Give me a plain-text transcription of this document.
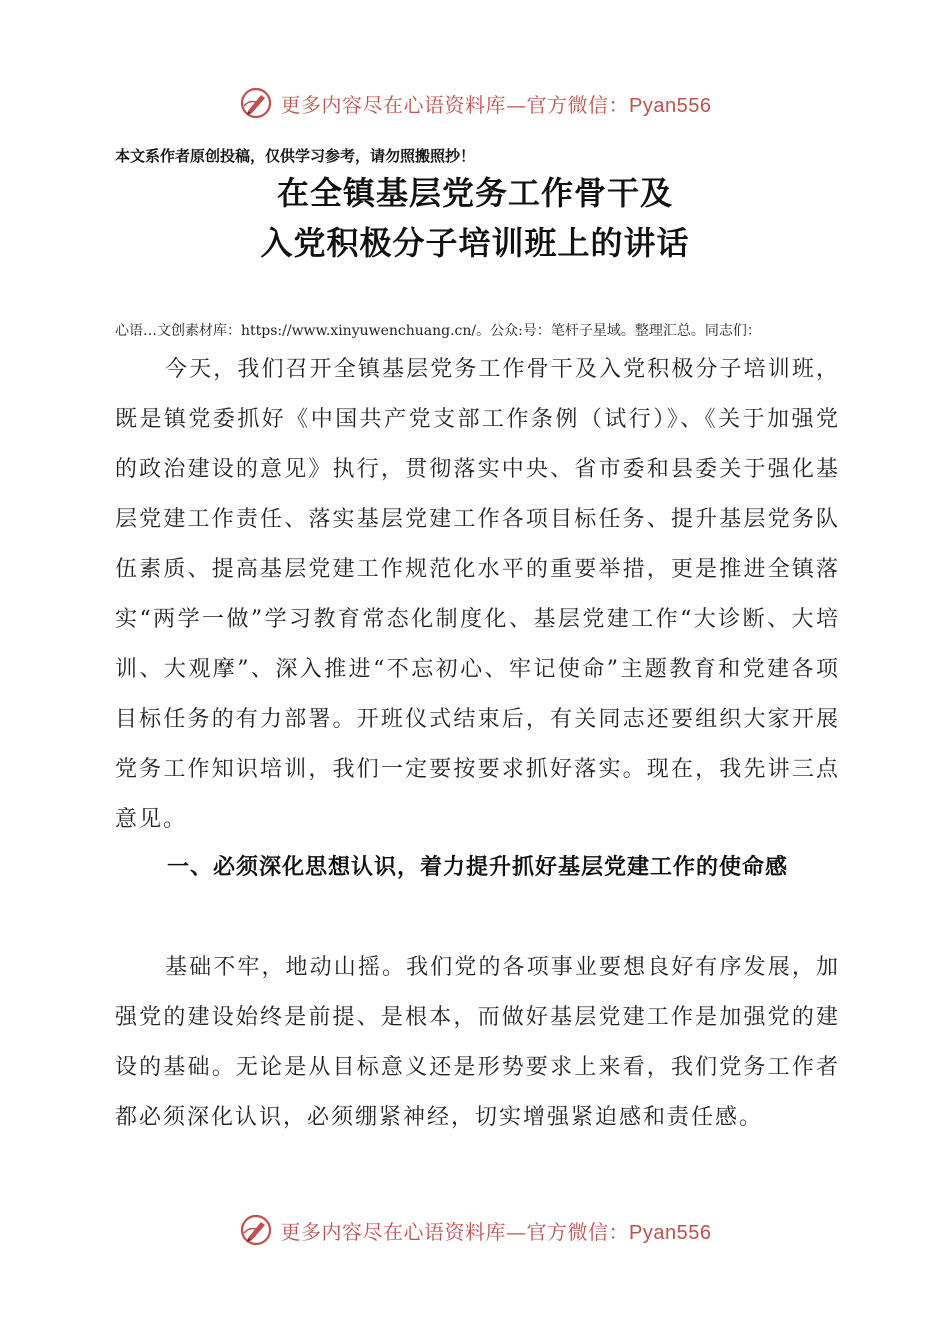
更多内容尽在心语资料库—官方微信：Pyan556
本文系作者原创投稿，仅供学习参考，请勿照搬照抄！
在全镇基层党务工作骨干及
入党积极分子培训班上的讲话
心语…文创素材库：https://www.xinyuwenchuang.cn/。公众:号：笔杆子星域。整理汇总。同志们：
今天，我们召开全镇基层党务工作骨干及入党积极分子培训班，既是镇党委抓好《中国共产党支部工作条例（试行）》、《关于加强党的政治建设的意见》执行，贯彻落实中央、省市委和县委关于强化基层党建工作责任、落实基层党建工作各项目标任务、提升基层党务队伍素质、提高基层党建工作规范化水平的重要举措，更是推进全镇落实“两学一做”学习教育常态化制度化、基层党建工作“大诊断、大培训、大观摩”、深入推进“不忘初心、牢记使命”主题教育和党建各项目标任务的有力部署。开班仪式结束后，有关同志还要组织大家开展党务工作知识培训，我们一定要按要求抓好落实。现在，我先讲三点意见。
一、必须深化思想认识，着力提升抓好基层党建工作的使命感
基础不牢，地动山摇。我们党的各项事业要想良好有序发展，加强党的建设始终是前提、是根本，而做好基层党建工作是加强党的建设的基础。无论是从目标意义还是形势要求上来看，我们党务工作者都必须深化认识，必须绷紧神经，切实增强紧迫感和责任感。
更多内容尽在心语资料库—官方微信：Pyan556
